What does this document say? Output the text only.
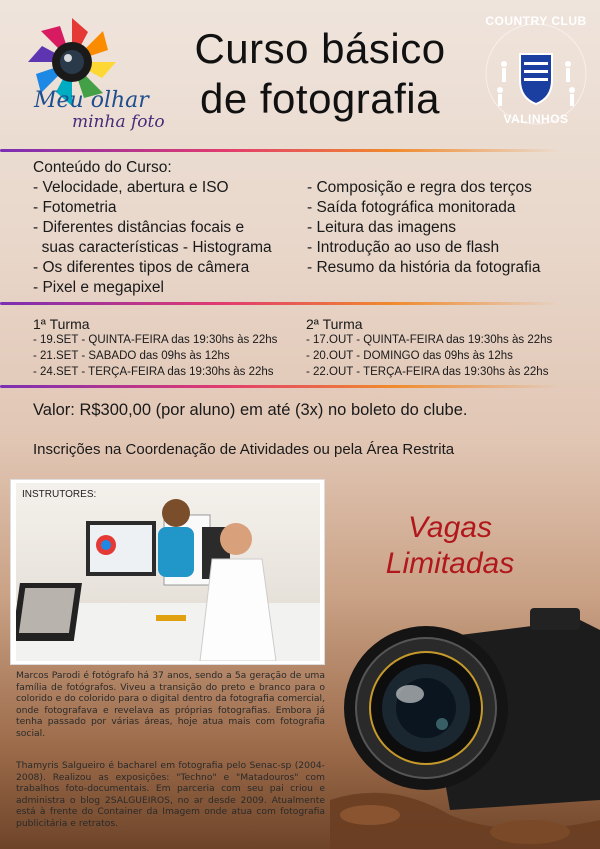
Meu olhar
minha foto
Curso básico
de fotografia
COUNTRY CLUB
VALINHOS
Conteúdo do Curso:
- Velocidade, abertura e ISO
- Fotometria
- Diferentes distâncias focais e
suas características - Histograma
- Os diferentes tipos de câmera
- Pixel e megapixel
- Composição e regra dos terços
- Saída fotográfica monitorada
- Leitura das imagens
- Introdução ao uso de flash
- Resumo da história da fotografia
1ª Turma
- 19.SET - QUINTA-FEIRA das 19:30hs às 22hs
- 21.SET - SABADO das 09hs às 12hs
- 24.SET - TERÇA-FEIRA das 19:30hs às 22hs
2ª Turma
- 17.OUT - QUINTA-FEIRA das 19:30hs às 22hs
- 20.OUT - DOMINGO das 09hs às 12hs
- 22.OUT - TERÇA-FEIRA das 19:30hs às 22hs
Valor: R$300,00 (por aluno) em até (3x) no boleto do clube.
Inscrições na Coordenação de Atividades ou pela Área Restrita
INSTRUTORES:
Marcos Parodi é fotógrafo há 37 anos, sendo a 5a geração de uma família de fotógrafos. Viveu a transição do preto e branco para o colorido e do colorido para o digital dentro da fotografia comercial, onde fotografava e revelava as próprias fotografias. Embora já tenha passado por várias áreas, hoje atua mais com fotografia social.
Thamyris Salgueiro é bacharel em fotografia pelo Senac-sp (2004-2008). Realizou as exposições: "Techno" e "Matadouros" com trabalhos foto-documentais. Em parceria com seu pai criou e administra o blog 2SALGUEIROS, no ar desde 2009. Atualmente está à frente do Container da Imagem onde atua com fotografia publicitária e retratos.
Vagas
Limitadas
